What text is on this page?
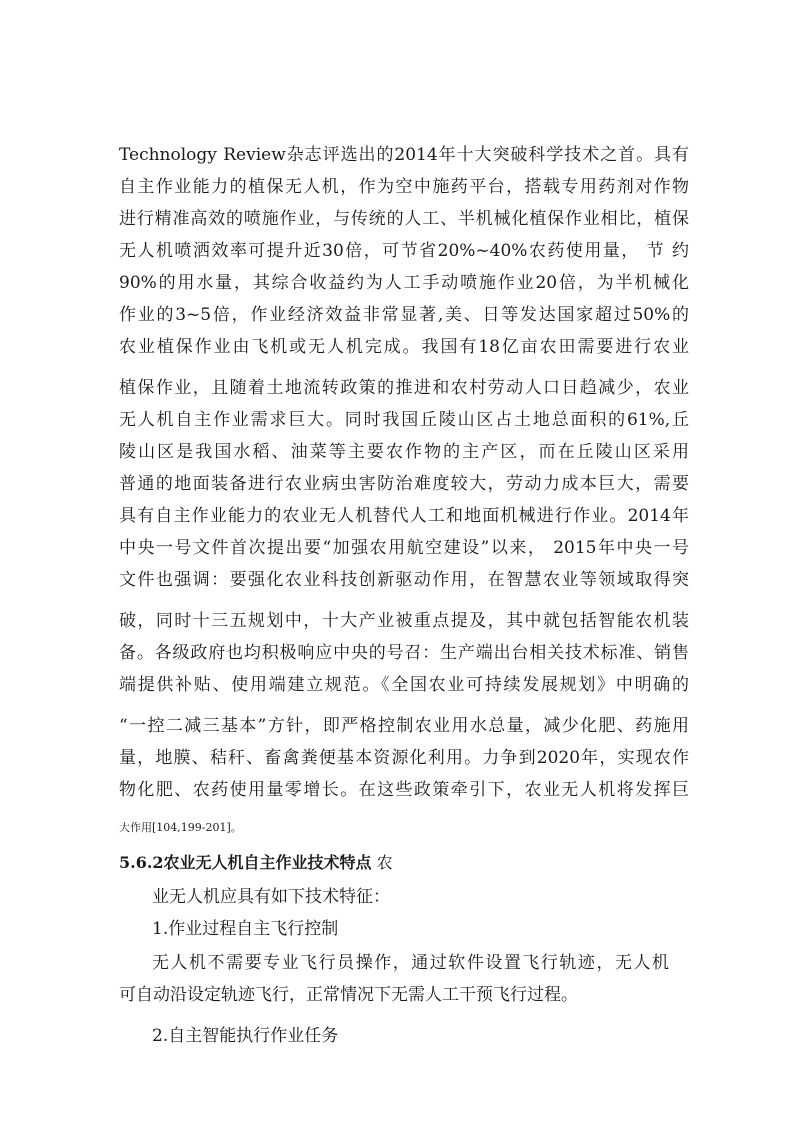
Technology Review杂志评选出的2014年十大突破科学技术之首。具有
自主作业能力的植保无人机，作为空中施药平台，搭载专用药剂对作物
进行精准高效的喷施作业，与传统的人工、半机械化植保作业相比，植保
无人机喷洒效率可提升近30倍，可节省20%~40%农药使用量， 节 约
90%的用水量，其综合收益约为人工手动喷施作业20倍，为半机械化
作业的3~5倍，作业经济效益非常显著,美、日等发达国家超过50%的
农业植保作业由飞机或无人机完成。我国有18亿亩农田需要进行农业
植保作业，且随着土地流转政策的推进和农村劳动人口日趋减少，农业
无人机自主作业需求巨大。同时我国丘陵山区占土地总面积的61%,丘
陵山区是我国水稻、油菜等主要农作物的主产区，而在丘陵山区采用
普通的地面装备进行农业病虫害防治难度较大，劳动力成本巨大，需要
具有自主作业能力的农业无人机替代人工和地面机械进行作业。2014年
中央一号文件首次提出要“加强农用航空建设”以来， 2015年中央一号
文件也强调：要强化农业科技创新驱动作用，在智慧农业等领域取得突
破，同时十三五规划中，十大产业被重点提及，其中就包括智能农机装
备。各级政府也均积极响应中央的号召：生产端出台相关技术标准、销售
端提供补贴、使用端建立规范。《全国农业可持续发展规划》中明确的
“一控二减三基本”方针，即严格控制农业用水总量，减少化肥、药施用
量，地膜、秸秆、畜禽粪便基本资源化利用。力争到2020年，实现农作
物化肥、农药使用量零增长。在这些政策牵引下，农业无人机将发挥巨
大作用[104,199-201]。
5.6.2农业无人机自主作业技术特点 农
业无人机应具有如下技术特征：
1.作业过程自主飞行控制
无人机不需要专业飞行员操作，通过软件设置飞行轨迹，无人机
可自动沿设定轨迹飞行，正常情况下无需人工干预飞行过程。
2.自主智能执行作业任务
